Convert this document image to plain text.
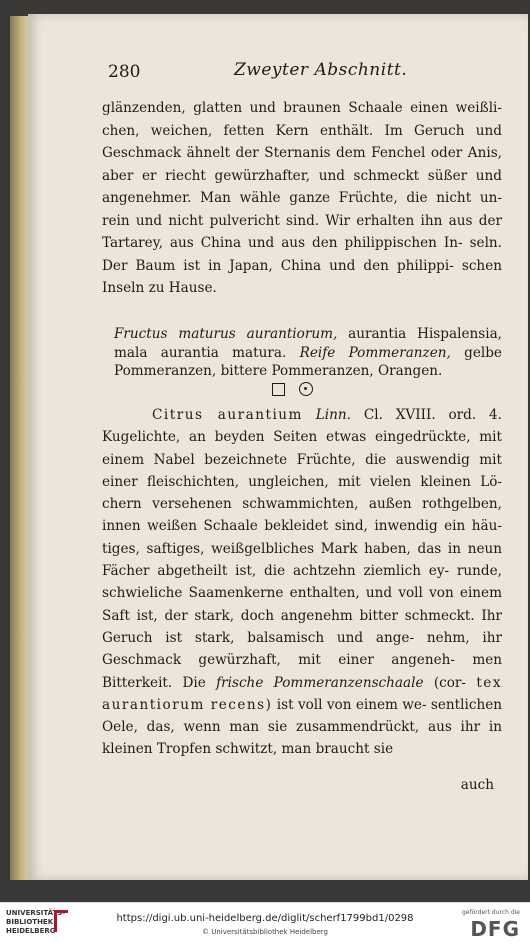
280	Zweyter Abschnitt.

glänzenden, glatten und braunen Schaale einen weißli- chen, weichen, fetten Kern enthält. Im Geruch und Geschmack ähnelt der Sternanis dem Fenchel oder Anis, aber er riecht gewürzhafter, und schmeckt süßer und angenehmer. Man wähle ganze Früchte, die nicht un- rein und nicht pulvericht sind. Wir erhalten ihn aus der Tartarey, aus China und aus den philippischen In- seln. Der Baum ist in Japan, China und den philippi- schen Inseln zu Hause.

Fructus maturus aurantiorum, aurantia Hispalensia, mala aurantia matura. Reife Pommeranzen, gelbe Pommeranzen, bittere Pommeranzen, Orangen.

Citrus aurantium Linn. Cl. XVIII. ord. 4. Kugelichte, an beyden Seiten etwas eingedrückte, mit einem Nabel bezeichnete Früchte, die auswendig mit einer fleischichten, ungleichen, mit vielen kleinen Lö- chern versehenen schwammichten, außen rothgelben, innen weißen Schaale bekleidet sind, inwendig ein häu- tiges, saftiges, weißgelbliches Mark haben, das in neun Fächer abgetheilt ist, die achtzehn ziemlich ey- runde, schwieliche Saamenkerne enthalten, und voll von einem Saft ist, der stark, doch angenehm bitter schmeckt. Ihr Geruch ist stark, balsamisch und ange- nehm, ihr Geschmack gewürzhaft, mit einer angeneh- men Bitterkeit. Die frische Pommeranzenschaale (cor- tex aurantiorum recens) ist voll von einem we- sentlichen Oele, das, wenn man sie zusammendrückt, aus ihr in kleinen Tropfen schwitzt, man braucht sie

auch
UNIVERSITÄTS-
BIBLIOTHEK
HEIDELBERG
https://digi.ub.uni-heidelberg.de/diglit/scherf1799bd1/0298
© Universitätsbibliothek Heidelberg
gefördert durch die
DFG
